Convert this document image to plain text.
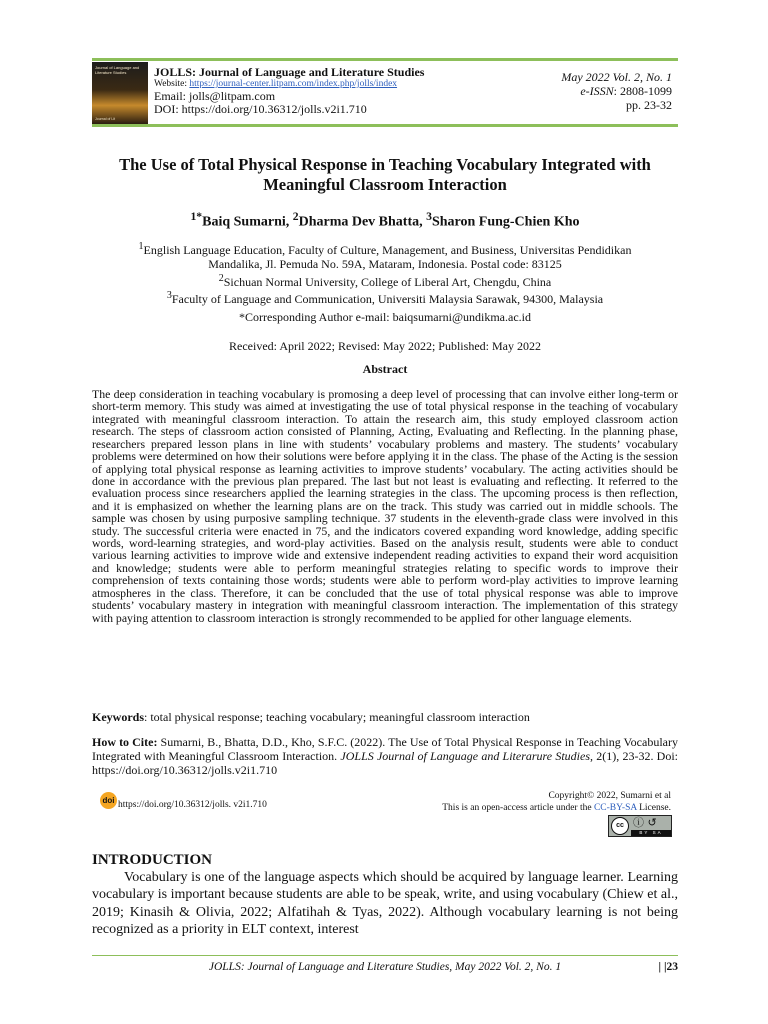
Journal of Language and Literature Studies
Journal of Lit
JOLLS: Journal of Language and Literature Studies
Website: https://journal-center.litpam.com/index.php/jolls/index
Email: jolls@litpam.com
DOI: https://doi.org/10.36312/jolls.v2i1.710
May 2022 Vol. 2, No. 1
e-ISSN: 2808-1099
pp. 23-32
The Use of Total Physical Response in Teaching Vocabulary Integrated with Meaningful Classroom Interaction
$^{1*}$Baiq Sumarni, $^2$Dharma Dev Bhatta, $^3$Sharon Fung-Chien Kho
$^1$English Language Education, Faculty of Culture, Management, and Business, Universitas Pendidikan
Mandalika, Jl. Pemuda No. 59A, Mataram, Indonesia. Postal code: 83125
$^2$Sichuan Normal University, College of Liberal Art, Chengdu, China
$^3$Faculty of Language and Communication, Universiti Malaysia Sarawak, 94300, Malaysia
*Corresponding Author e-mail: baiqsumarni@undikma.ac.id
Received: April 2022; Revised: May 2022; Published: May 2022
Abstract

The deep consideration in teaching vocabulary is promosing a deep level of processing that can involve either long-term or short-term memory. This study was aimed at investigating the use of total physical response in the teaching of vocabulary integrated with meaningful classroom interaction. To attain the research aim, this study employed classroom action research. The steps of classroom action consisted of Planning, Acting, Evaluating and Reflecting. In the planning phase, researchers prepared lesson plans in line with students’ vocabulary problems and mastery. The students’ vocabulary problems were determined on how their solutions were before applying it in the class. The phase of the Acting is the session of applying total physical response as learning activities to improve students’ vocabulary. The acting activities should be done in accordance with the previous plan prepared. The last but not least is evaluating and reflecting. It referred to the evaluation process since researchers applied the learning strategies in the class. The upcoming process is then reflection, and it is emphasized on whether the learning plans are on the track. This study was carried out in middle schools. The sample was chosen by using purposive sampling technique. 37 students in the eleventh-grade class were involved in this study. The successful criteria were enacted in 75, and the indicators covered expanding word knowledge, adding specific words, word-learning strategies, and word-play activities. Based on the analysis result, students were able to conduct various learning activities to improve wide and extensive independent reading activities to expand their word acquisition and knowledge; students were able to perform meaningful strategies relating to specific words to improve their comprehension of texts containing those words; students were able to perform word-play activities to improve learning atmospheres in the class. Therefore, it can be concluded that the use of total physical response was able to improve students’ vocabulary mastery in integration with meaningful classroom interaction. The implementation of this strategy with paying attention to classroom interaction is strongly recommended to be applied for other language elements.

Keywords: total physical response; teaching vocabulary; meaningful classroom interaction
How to Cite: Sumarni, B., Bhatta, D.D., Kho, S.F.C. (2022). The Use of Total Physical Response in Teaching Vocabulary Integrated with Meaningful Classroom Interaction. JOLLS Journal of Language and Literarure Studies, 2(1), 23-32. Doi: https://doi.org/10.36312/jolls.v2i1.710
doi https://doi.org/10.36312/jolls. v2i1.710
Copyright© 2022, Sumarni et al
This is an open-access article under the CC-BY-SA License.
cc ⓘ ↺
BY SA
INTRODUCTION

Vocabulary is one of the language aspects which should be acquired by language learner. Learning vocabulary is important because students are able to be speak, write, and using vocabulary (Chiew et al., 2019; Kinasih & Olivia, 2022; Alfatihah & Tyas, 2022). Although vocabulary learning is not being recognized as a priority in ELT context, interest

JOLLS: Journal of Language and Literature Studies, May 2022 Vol. 2, No. 1	| |23
